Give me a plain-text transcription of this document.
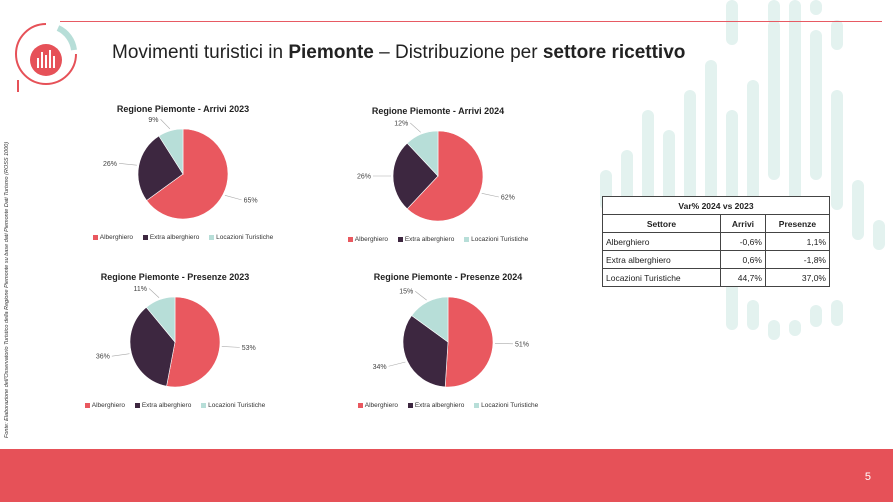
Movimenti turistici in Piemonte – Distribuzione per settore ricettivo
Fonte: Elaborazione dell'Osservatorio Turistico della Regione Piemonte su base dati Piemonte Dati Turismo (ROSS 1000)	65%
26%
9%
Regione Piemonte - Arrivi 2023
Alberghiero	Extra alberghiero	Locazioni Turistiche
62%
26%
12%
Regione Piemonte - Arrivi 2024
Alberghiero	Extra alberghiero	Locazioni Turistiche
53%
36%
11%
Regione Piemonte - Presenze 2023
Alberghiero	Extra alberghiero	Locazioni Turistiche
51%
34%
15%
Regione Piemonte - Presenze 2024
Alberghiero	Extra alberghiero	Locazioni Turistiche
Var% 2024 vs 2023		
Settore	Arrivi	Presenze
Alberghiero	-0,6%	1,1%
Extra alberghiero	0,6%	-1,8%
Locazioni Turistiche	44,7%	37,0%
5
